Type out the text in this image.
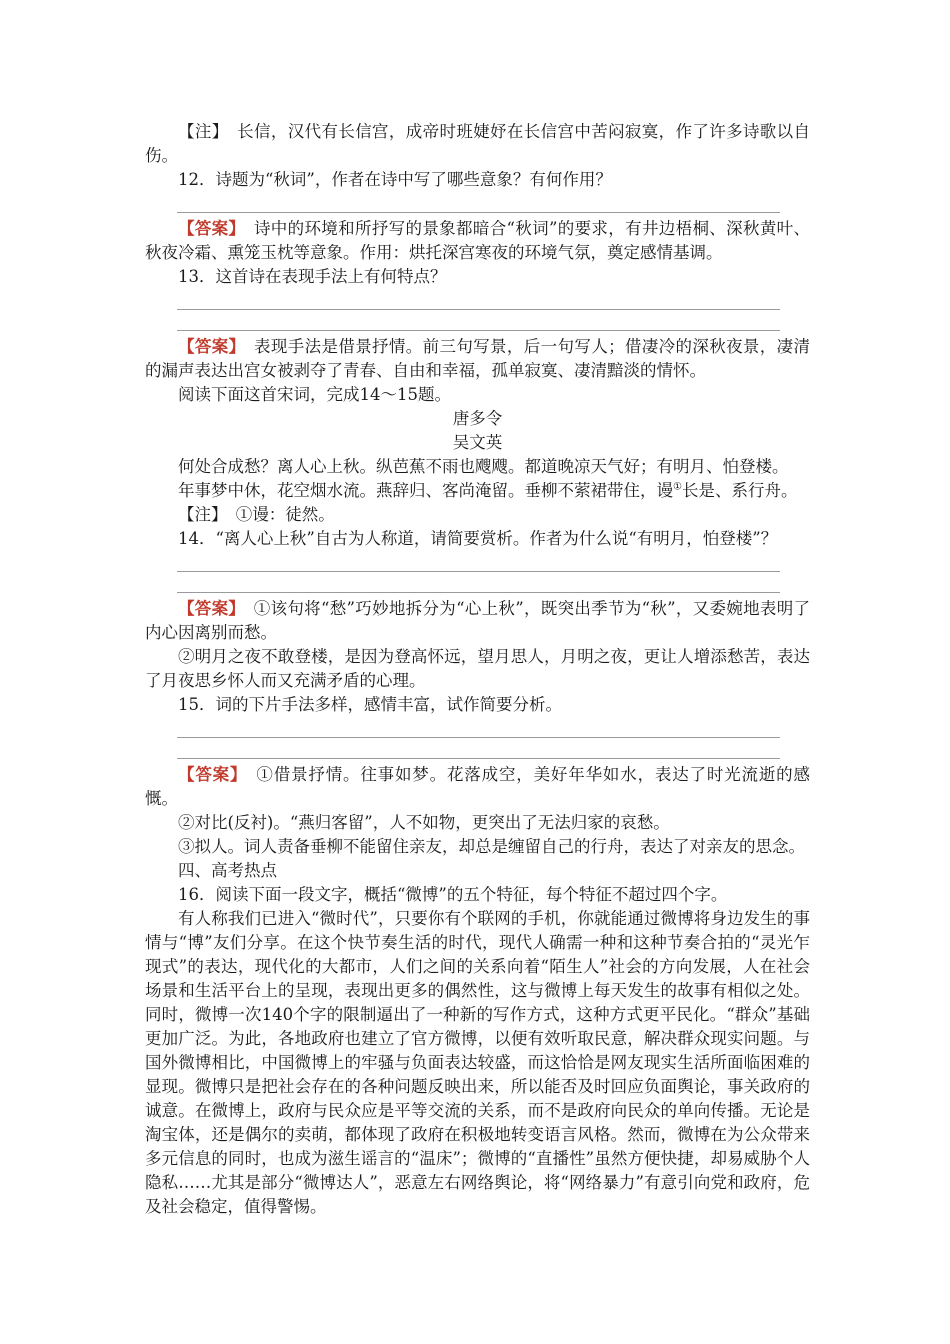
【注】　长信，汉代有长信宫，成帝时班婕妤在长信宫中苦闷寂寞，作了许多诗歌以自伤。

12．诗题为“秋词”，作者在诗中写了哪些意象？有何作用？

【答案】　诗中的环境和所抒写的景象都暗合“秋词”的要求，有井边梧桐、深秋黄叶、秋夜冷霜、熏笼玉枕等意象。作用：烘托深宫寒夜的环境气氛，奠定感情基调。

13．这首诗在表现手法上有何特点？

【答案】　表现手法是借景抒情。前三句写景，后一句写人；借凄冷的深秋夜景，凄清的漏声表达出宫女被剥夺了青春、自由和幸福，孤单寂寞、凄清黯淡的情怀。

阅读下面这首宋词，完成14～15题。

唐多令

吴文英

何处合成愁？离人心上秋。纵芭蕉不雨也飕飕。都道晚凉天气好；有明月、怕登楼。

年事梦中休，花空烟水流。燕辞归、客尚淹留。垂柳不萦裙带住，谩①长是、系行舟。

【注】　①谩：徒然。

14．“离人心上秋”自古为人称道，请简要赏析。作者为什么说“有明月，怕登楼”？

【答案】　①该句将“愁”巧妙地拆分为“心上秋”，既突出季节为“秋”，又委婉地表明了内心因离别而愁。

②明月之夜不敢登楼，是因为登高怀远，望月思人，月明之夜，更让人增添愁苦，表达了月夜思乡怀人而又充满矛盾的心理。

15．词的下片手法多样，感情丰富，试作简要分析。

【答案】　①借景抒情。往事如梦。花落成空，美好年华如水，表达了时光流逝的感慨。

②对比(反衬)。“燕归客留”，人不如物，更突出了无法归家的哀愁。

③拟人。词人责备垂柳不能留住亲友，却总是缠留自己的行舟，表达了对亲友的思念。

四、高考热点

16．阅读下面一段文字，概括“微博”的五个特征，每个特征不超过四个字。

有人称我们已进入“微时代”，只要你有个联网的手机，你就能通过微博将身边发生的事情与“博”友们分享。在这个快节奏生活的时代，现代人确需一种和这种节奏合拍的“灵光乍现式”的表达，现代化的大都市，人们之间的关系向着“陌生人”社会的方向发展，人在社会场景和生活平台上的呈现，表现出更多的偶然性，这与微博上每天发生的故事有相似之处。同时，微博一次140个字的限制逼出了一种新的写作方式，这种方式更平民化。“群众”基础更加广泛。为此，各地政府也建立了官方微博，以便有效听取民意，解决群众现实问题。与国外微博相比，中国微博上的牢骚与负面表达较盛，而这恰恰是网友现实生活所面临困难的显现。微博只是把社会存在的各种问题反映出来，所以能否及时回应负面舆论，事关政府的诚意。在微博上，政府与民众应是平等交流的关系，而不是政府向民众的单向传播。无论是淘宝体，还是偶尔的卖萌，都体现了政府在积极地转变语言风格。然而，微博在为公众带来多元信息的同时，也成为滋生谣言的“温床”；微博的“直播性”虽然方便快捷，却易威胁个人隐私……尤其是部分“微博达人”，恶意左右网络舆论，将“网络暴力”有意引向党和政府，危及社会稳定，值得警惕。
